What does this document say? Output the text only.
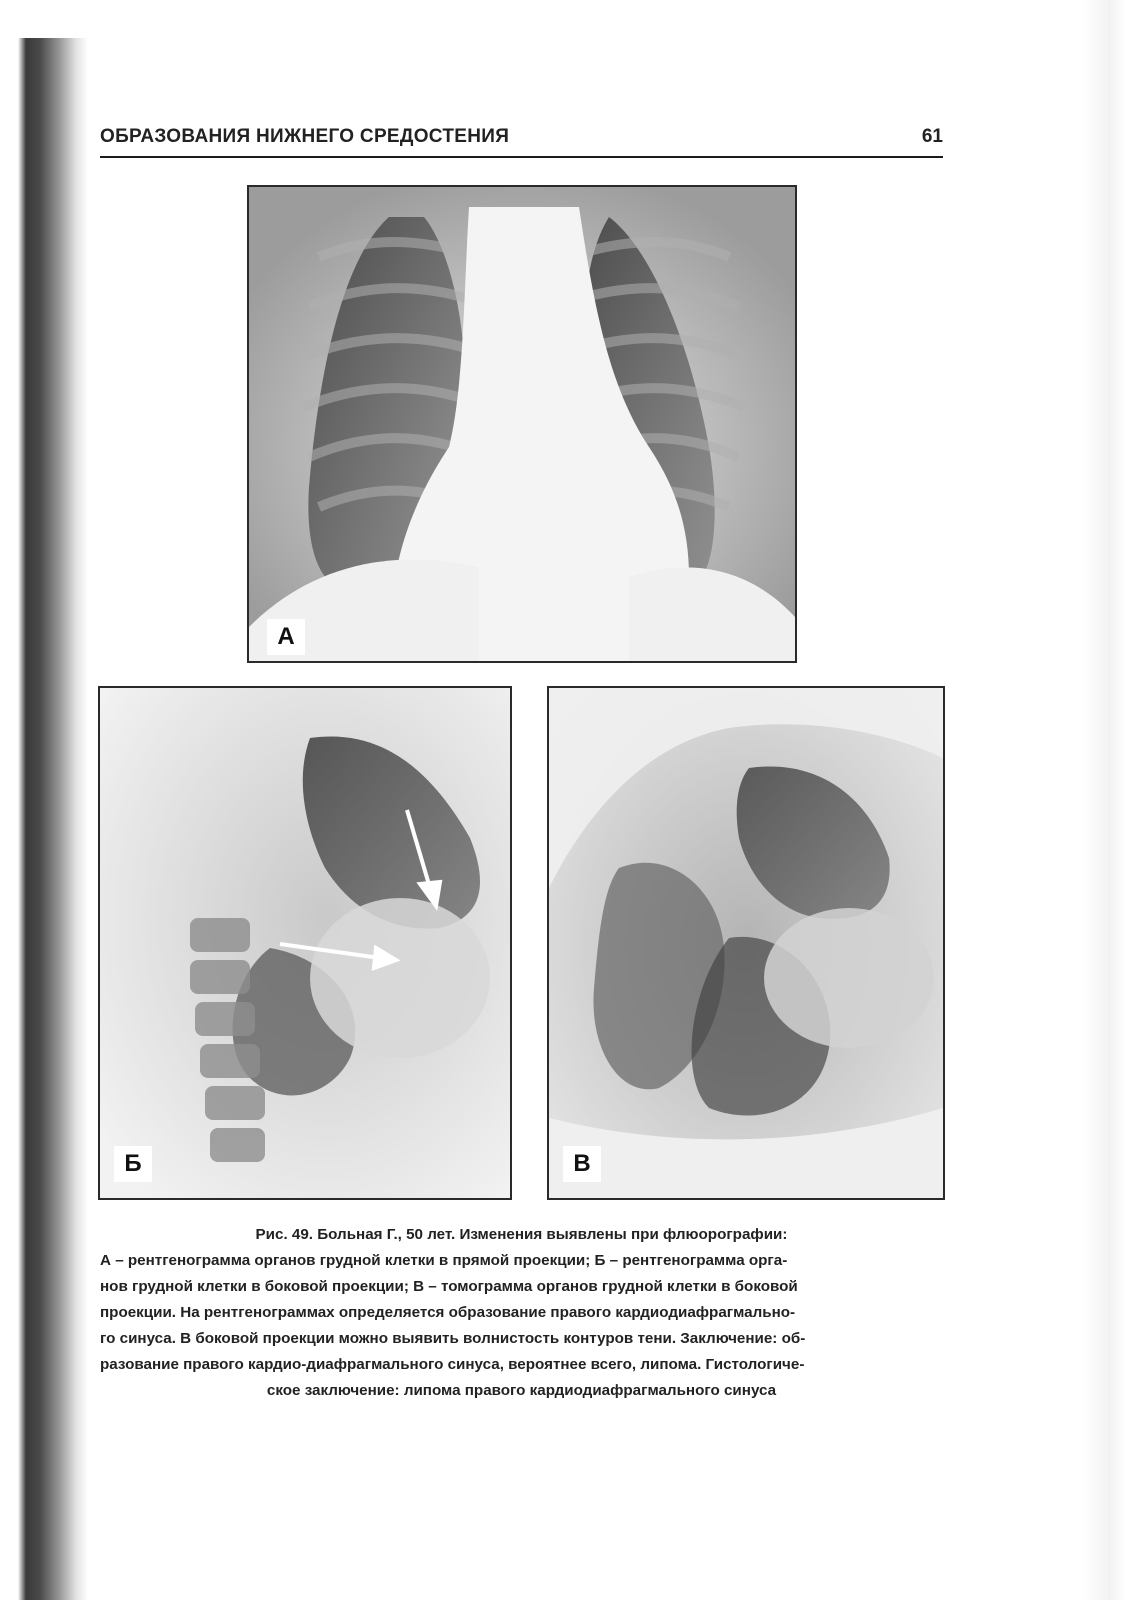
ОБРАЗОВАНИЯ НИЖНЕГО СРЕДОСТЕНИЯ	61
А
Б	В

Рис. 49. Больная Г., 50 лет. Изменения выявлены при флюорографии:

А – рентгенограмма органов грудной клетки в прямой проекции; Б – рентгенограмма орга-

нов грудной клетки в боковой проекции; В – томограмма органов грудной клетки в боковой

проекции. На рентгенограммах определяется образование правого кардиодиафрагмально-

го синуса. В боковой проекции можно выявить волнистость контуров тени. Заключение: об-

разование правого кардио-диафрагмального синуса, вероятнее всего, липома. Гистологиче-

ское заключение: липома правого кардиодиафрагмального синуса
